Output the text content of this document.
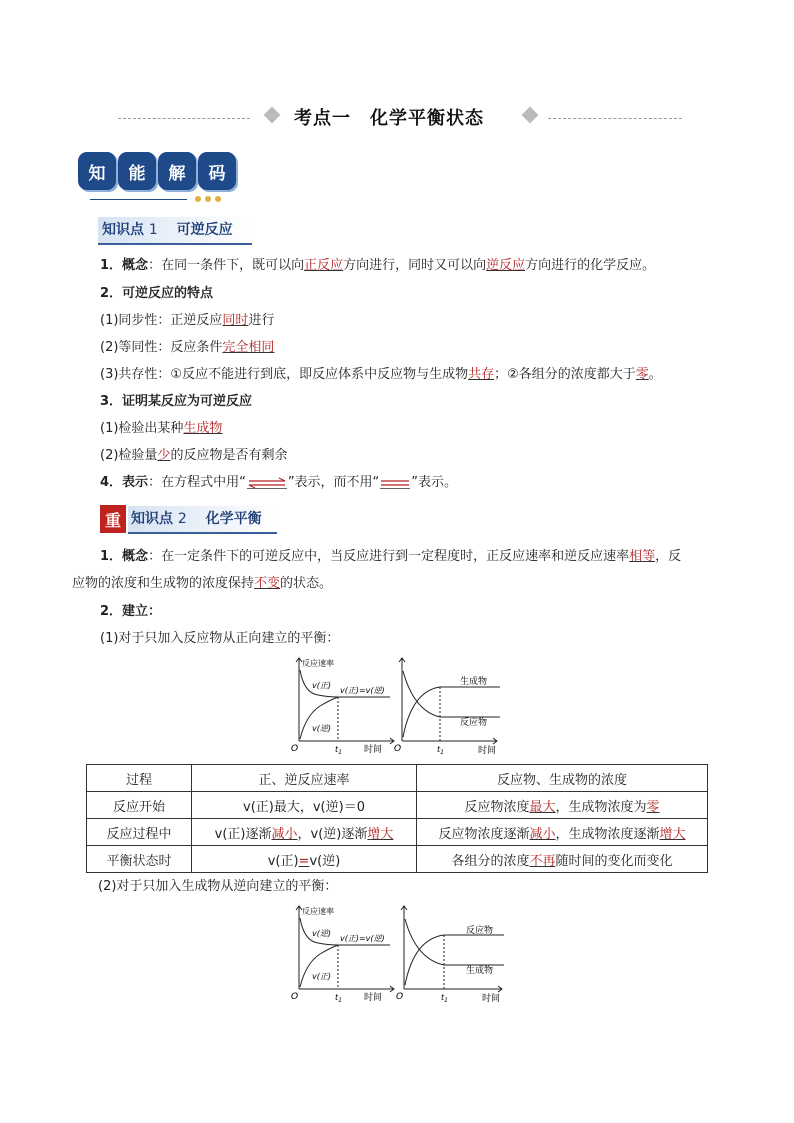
考点一　化学平衡状态
知	能	解	码
知识点 1 可逆反应
1．概念：在同一条件下，既可以向正反应方向进行，同时又可以向逆反应方向进行的化学反应。
2．可逆反应的特点
(1)同步性：正逆反应同时进行
(2)等同性：反应条件完全相同
(3)共存性：①反应不能进行到底，即反应体系中反应物与生成物共存；②各组分的浓度都大于零。
3．证明某反应为可逆反应
(1)检验出某种生成物
(2)检验量少的反应物是否有剩余
4．表示：在方程式中用“	”表示，而不用“ ”表示。
重 知识点 2 化学平衡
1．概念：在一定条件下的可逆反应中，当反应进行到一定程度时，正反应速率和逆反应速率相等，反
应物的浓度和生成物的浓度保持不变的状态。
2．建立：
(1)对于只加入反应物从正向建立的平衡：
反应速率
v(正)
v(逆)
v(正)=v(逆)
O	$t_1$ 时间
生成物
反应物
O	$t_1$	时间
过程	正、逆反应速率	反应物、生成物的浓度
反应开始	v(正)最大，v(逆)＝0	反应物浓度最大，生成物浓度为零
反应过程中	v(正)逐渐减小，v(逆)逐渐增大	反应物浓度逐渐减小，生成物浓度逐渐增大
平衡状态时	v(正)=v(逆)	各组分的浓度不再随时间的变化而变化
(2)对于只加入生成物从逆向建立的平衡：
反应速率
v(逆)
v(正)
v(正)=v(逆)
O	$t_1$ 时间
反应物
生成物
O	$t_1$	时间
